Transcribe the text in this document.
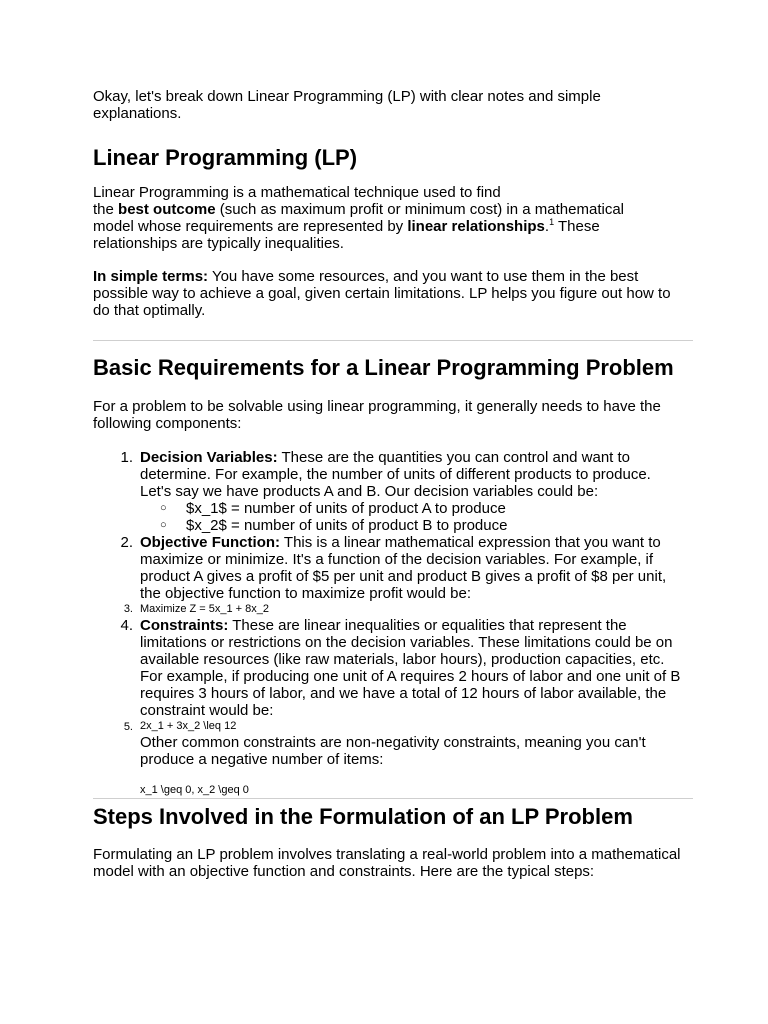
Okay, let's break down Linear Programming (LP) with clear notes and simple explanations.

Linear Programming (LP)

Linear Programming is a mathematical technique used to find
the best outcome (such as maximum profit or minimum cost) in a mathematical
model whose requirements are represented by linear relationships.$^1$ These
relationships are typically inequalities.

In simple terms: You have some resources, and you want to use them in the best possible way to achieve a goal, given certain limitations. LP helps you figure out how to do that optimally.

Basic Requirements for a Linear Programming Problem

For a problem to be solvable using linear programming, it generally needs to have the following components:

1. Decision Variables: These are the quantities you can control and want to determine. For example, the number of units of different products to produce. Let's say we have products A and B. Our decision variables could be:
○ $x_1$ = number of units of product A to produce
○ $x_2$ = number of units of product B to produce
2. Objective Function: This is a linear mathematical expression that you want to maximize or minimize. It's a function of the decision variables. For example, if product A gives a profit of $5 per unit and product B gives a profit of $8 per unit, the objective function to maximize profit would be:
3. Maximize Z = 5x_1 + 8x_2
4. Constraints: These are linear inequalities or equalities that represent the limitations or restrictions on the decision variables. These limitations could be on available resources (like raw materials, labor hours), production capacities, etc. For example, if producing one unit of A requires 2 hours of labor and one unit of B requires 3 hours of labor, and we have a total of 12 hours of labor available, the constraint would be:
5. 2x_1 + 3x_2 \leq 12
Other common constraints are non-negativity constraints, meaning you can't produce a negative number of items:
x_1 \geq 0, x_2 \geq 0
Steps Involved in the Formulation of an LP Problem

Formulating an LP problem involves translating a real-world problem into a mathematical model with an objective function and constraints. Here are the typical steps:
